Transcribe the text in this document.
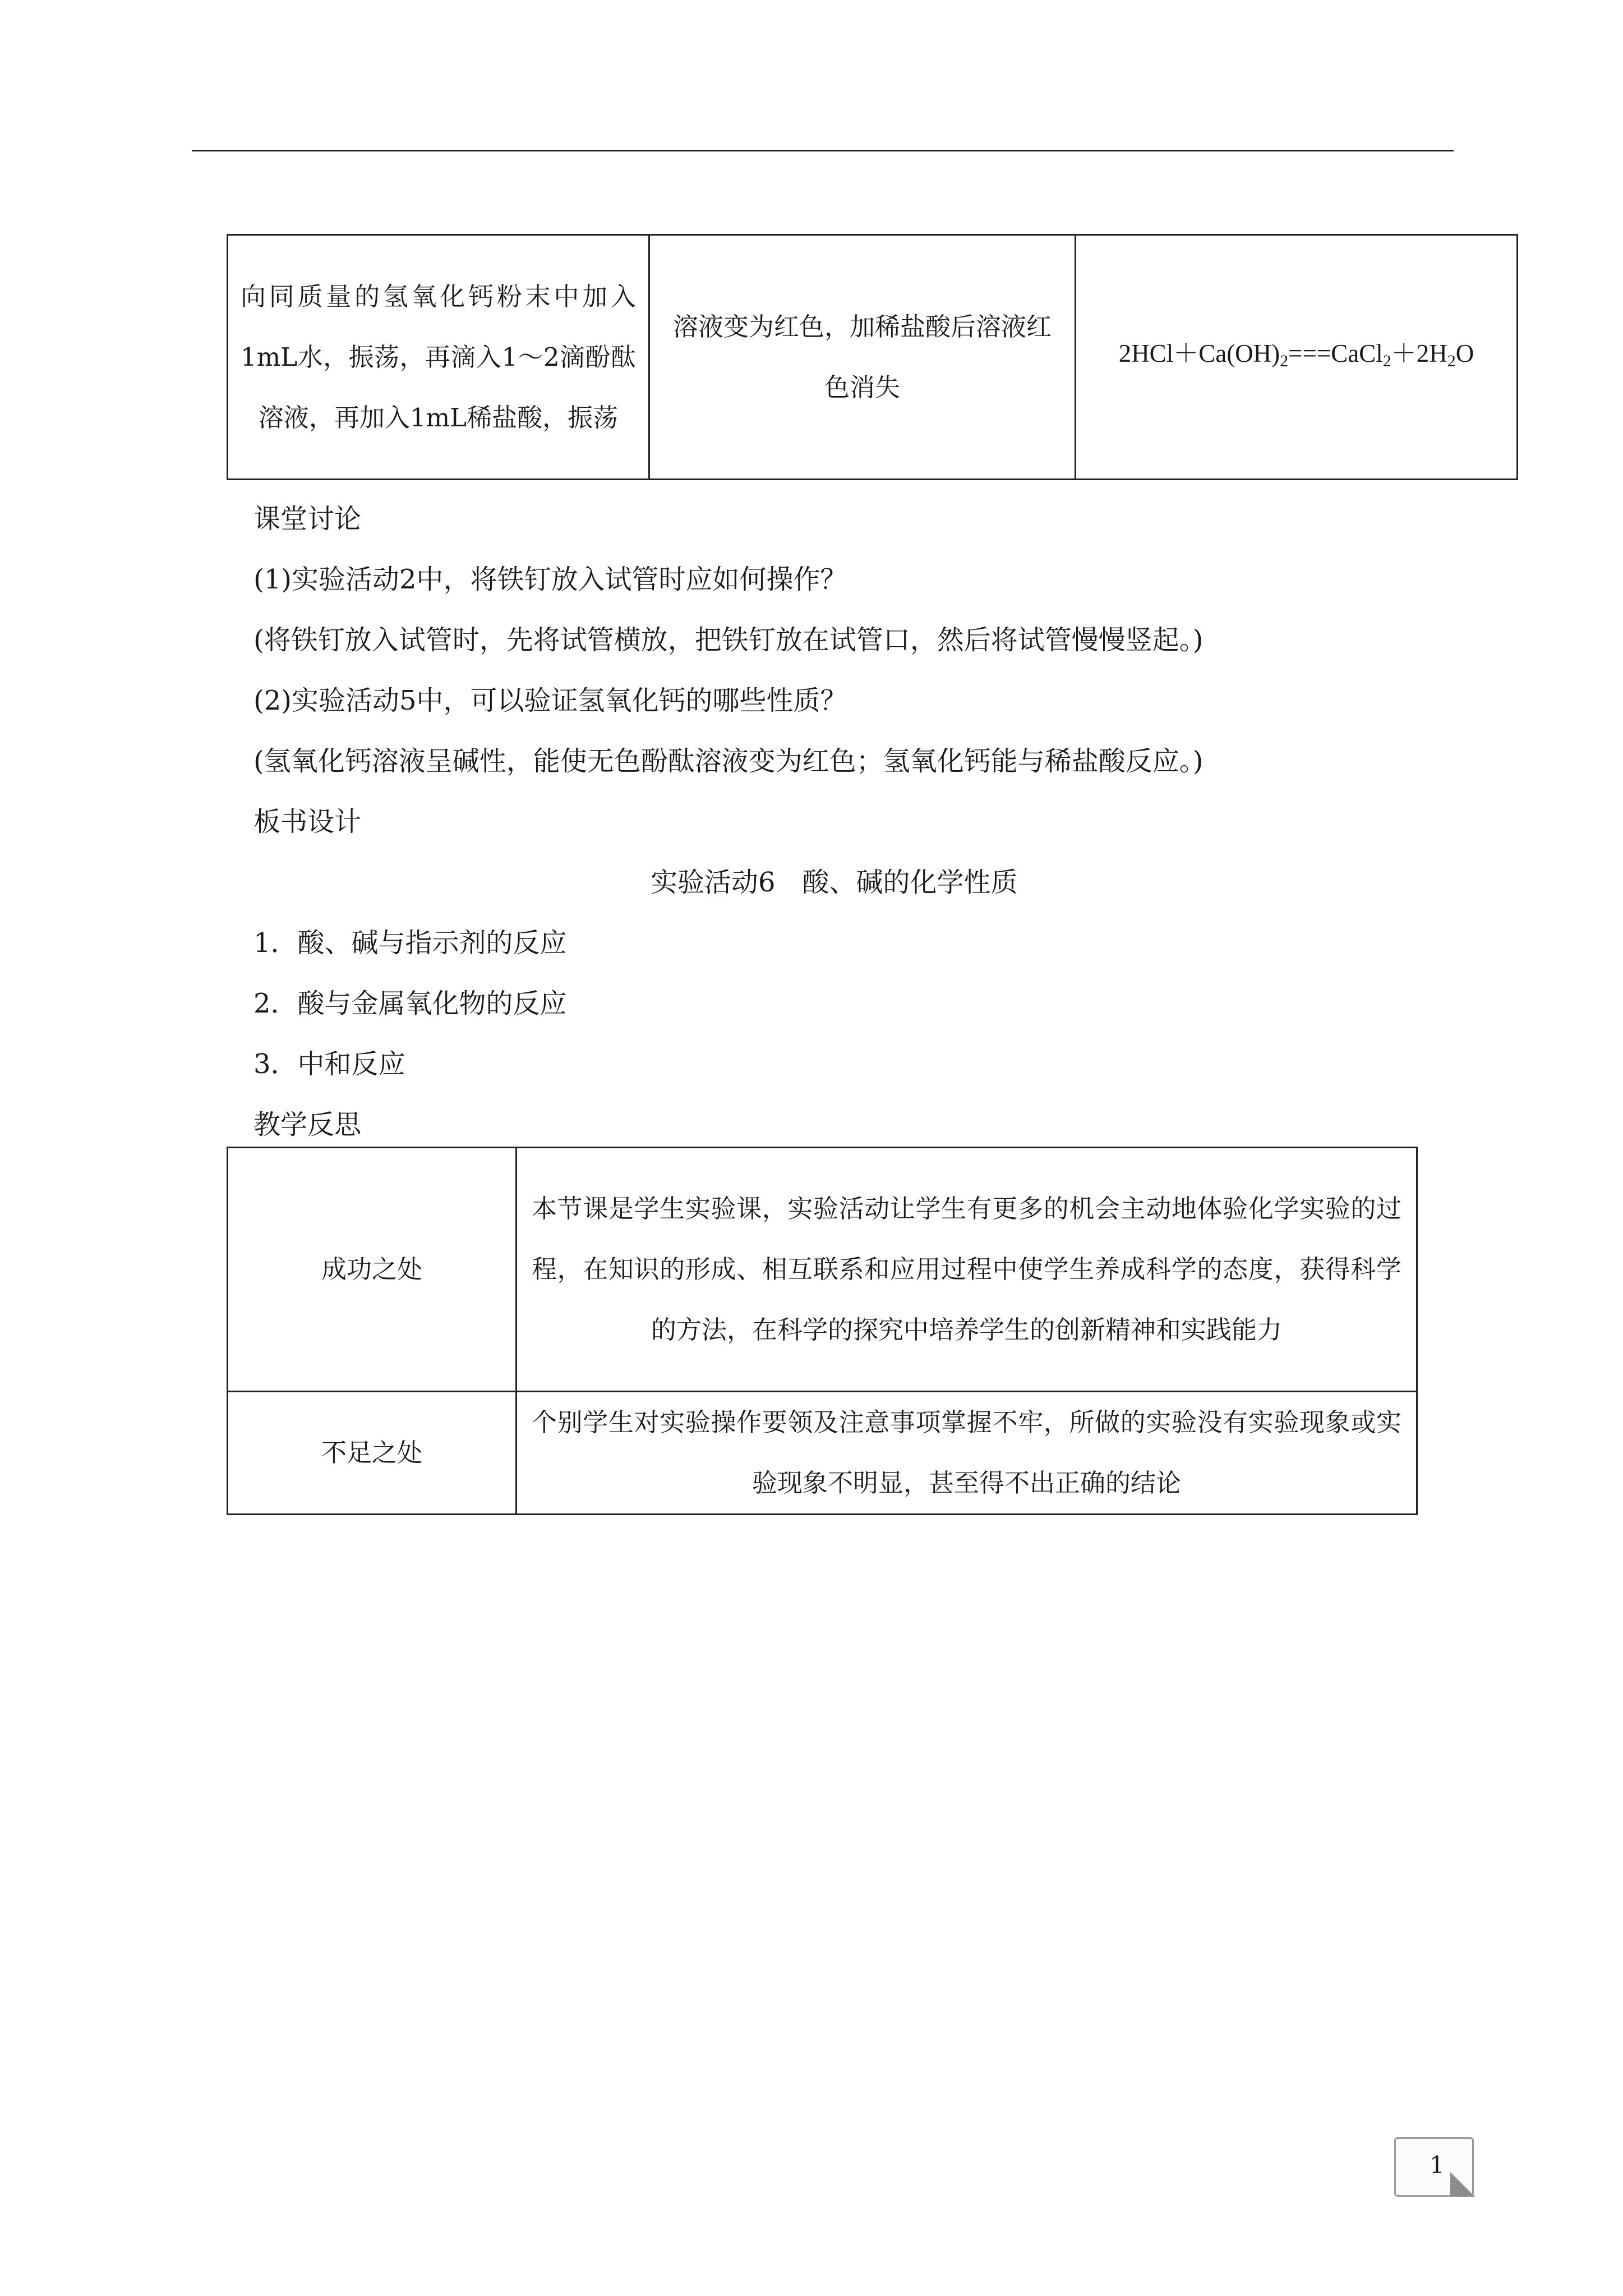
向同质量的氢氧化钙粉末中加入1mL水，振荡，再滴入1～2滴酚酞溶液，再加入1mL稀盐酸，振荡	溶液变为红色，加稀盐酸后溶液红色消失	$2HCl+Ca(OH)_2===CaCl_2+2H_2O$
课堂讨论
(1)实验活动2中，将铁钉放入试管时应如何操作？
(将铁钉放入试管时，先将试管横放，把铁钉放在试管口，然后将试管慢慢竖起。)
(2)实验活动5中，可以验证氢氧化钙的哪些性质？
(氢氧化钙溶液呈碱性，能使无色酚酞溶液变为红色；氢氧化钙能与稀盐酸反应。)
板书设计
实验活动6　酸、碱的化学性质
1．酸、碱与指示剂的反应
2．酸与金属氧化物的反应
3．中和反应
教学反思
成功之处	本节课是学生实验课，实验活动让学生有更多的机会主动地体验化学实验的过程，在知识的形成、相互联系和应用过程中使学生养成科学的态度，获得科学的方法，在科学的探究中培养学生的创新精神和实践能力
不足之处	个别学生对实验操作要领及注意事项掌握不牢，所做的实验没有实验现象或实验现象不明显，甚至得不出正确的结论
1
